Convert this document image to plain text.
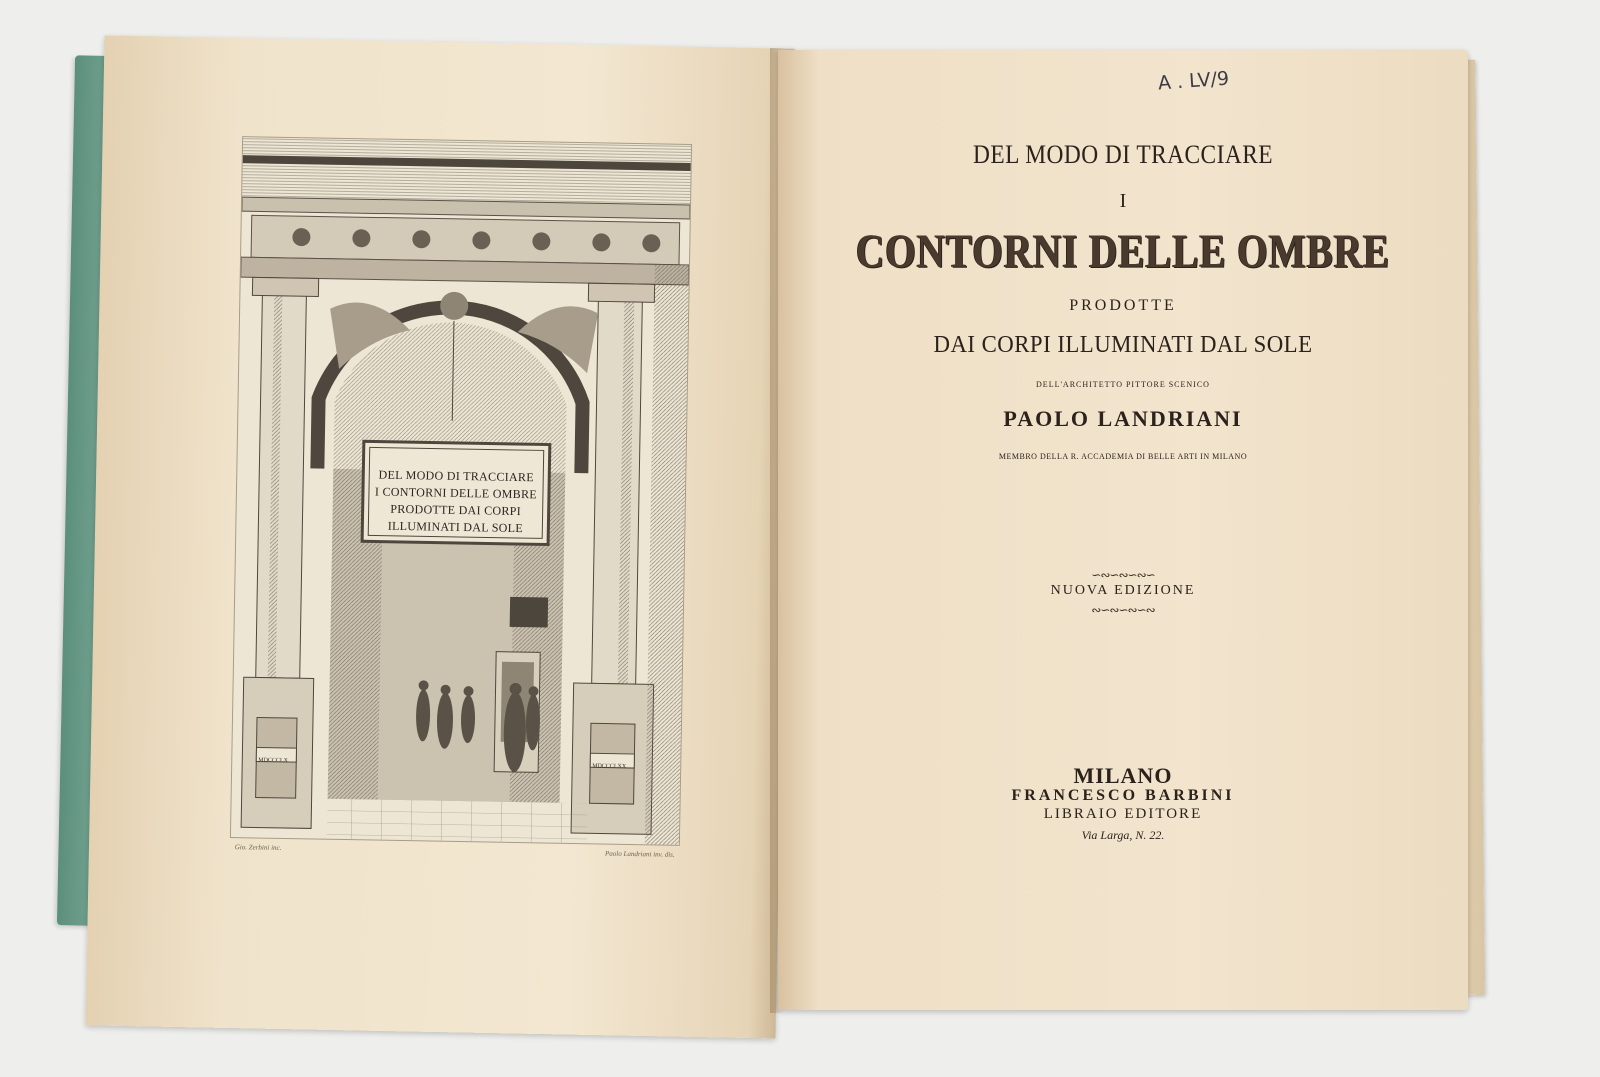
MDCCCLX
MDCCCLXX
DEL MODO DI TRACCIARE
I CONTORNI DELLE OMBRE
PRODOTTE DAI CORPI
ILLUMINATI DAL SOLE
Gio. Zerbini inc.
Paolo Landriani inv. dis.
A . LV/9
DEL MODO DI TRACCIARE
I
CONTORNI DELLE OMBRE
PRODOTTE
DAI CORPI ILLUMINATI DAL SOLE
DELL'ARCHITETTO PITTORE SCENICO
PAOLO LANDRIANI
MEMBRO DELLA R. ACCADEMIA DI BELLE ARTI IN MILANO
∽∾∽∾∽∾∽
NUOVA EDIZIONE
∾∽∾∽∾∽∾
MILANO
FRANCESCO BARBINI
LIBRAIO EDITORE
Via Larga, N. 22.
